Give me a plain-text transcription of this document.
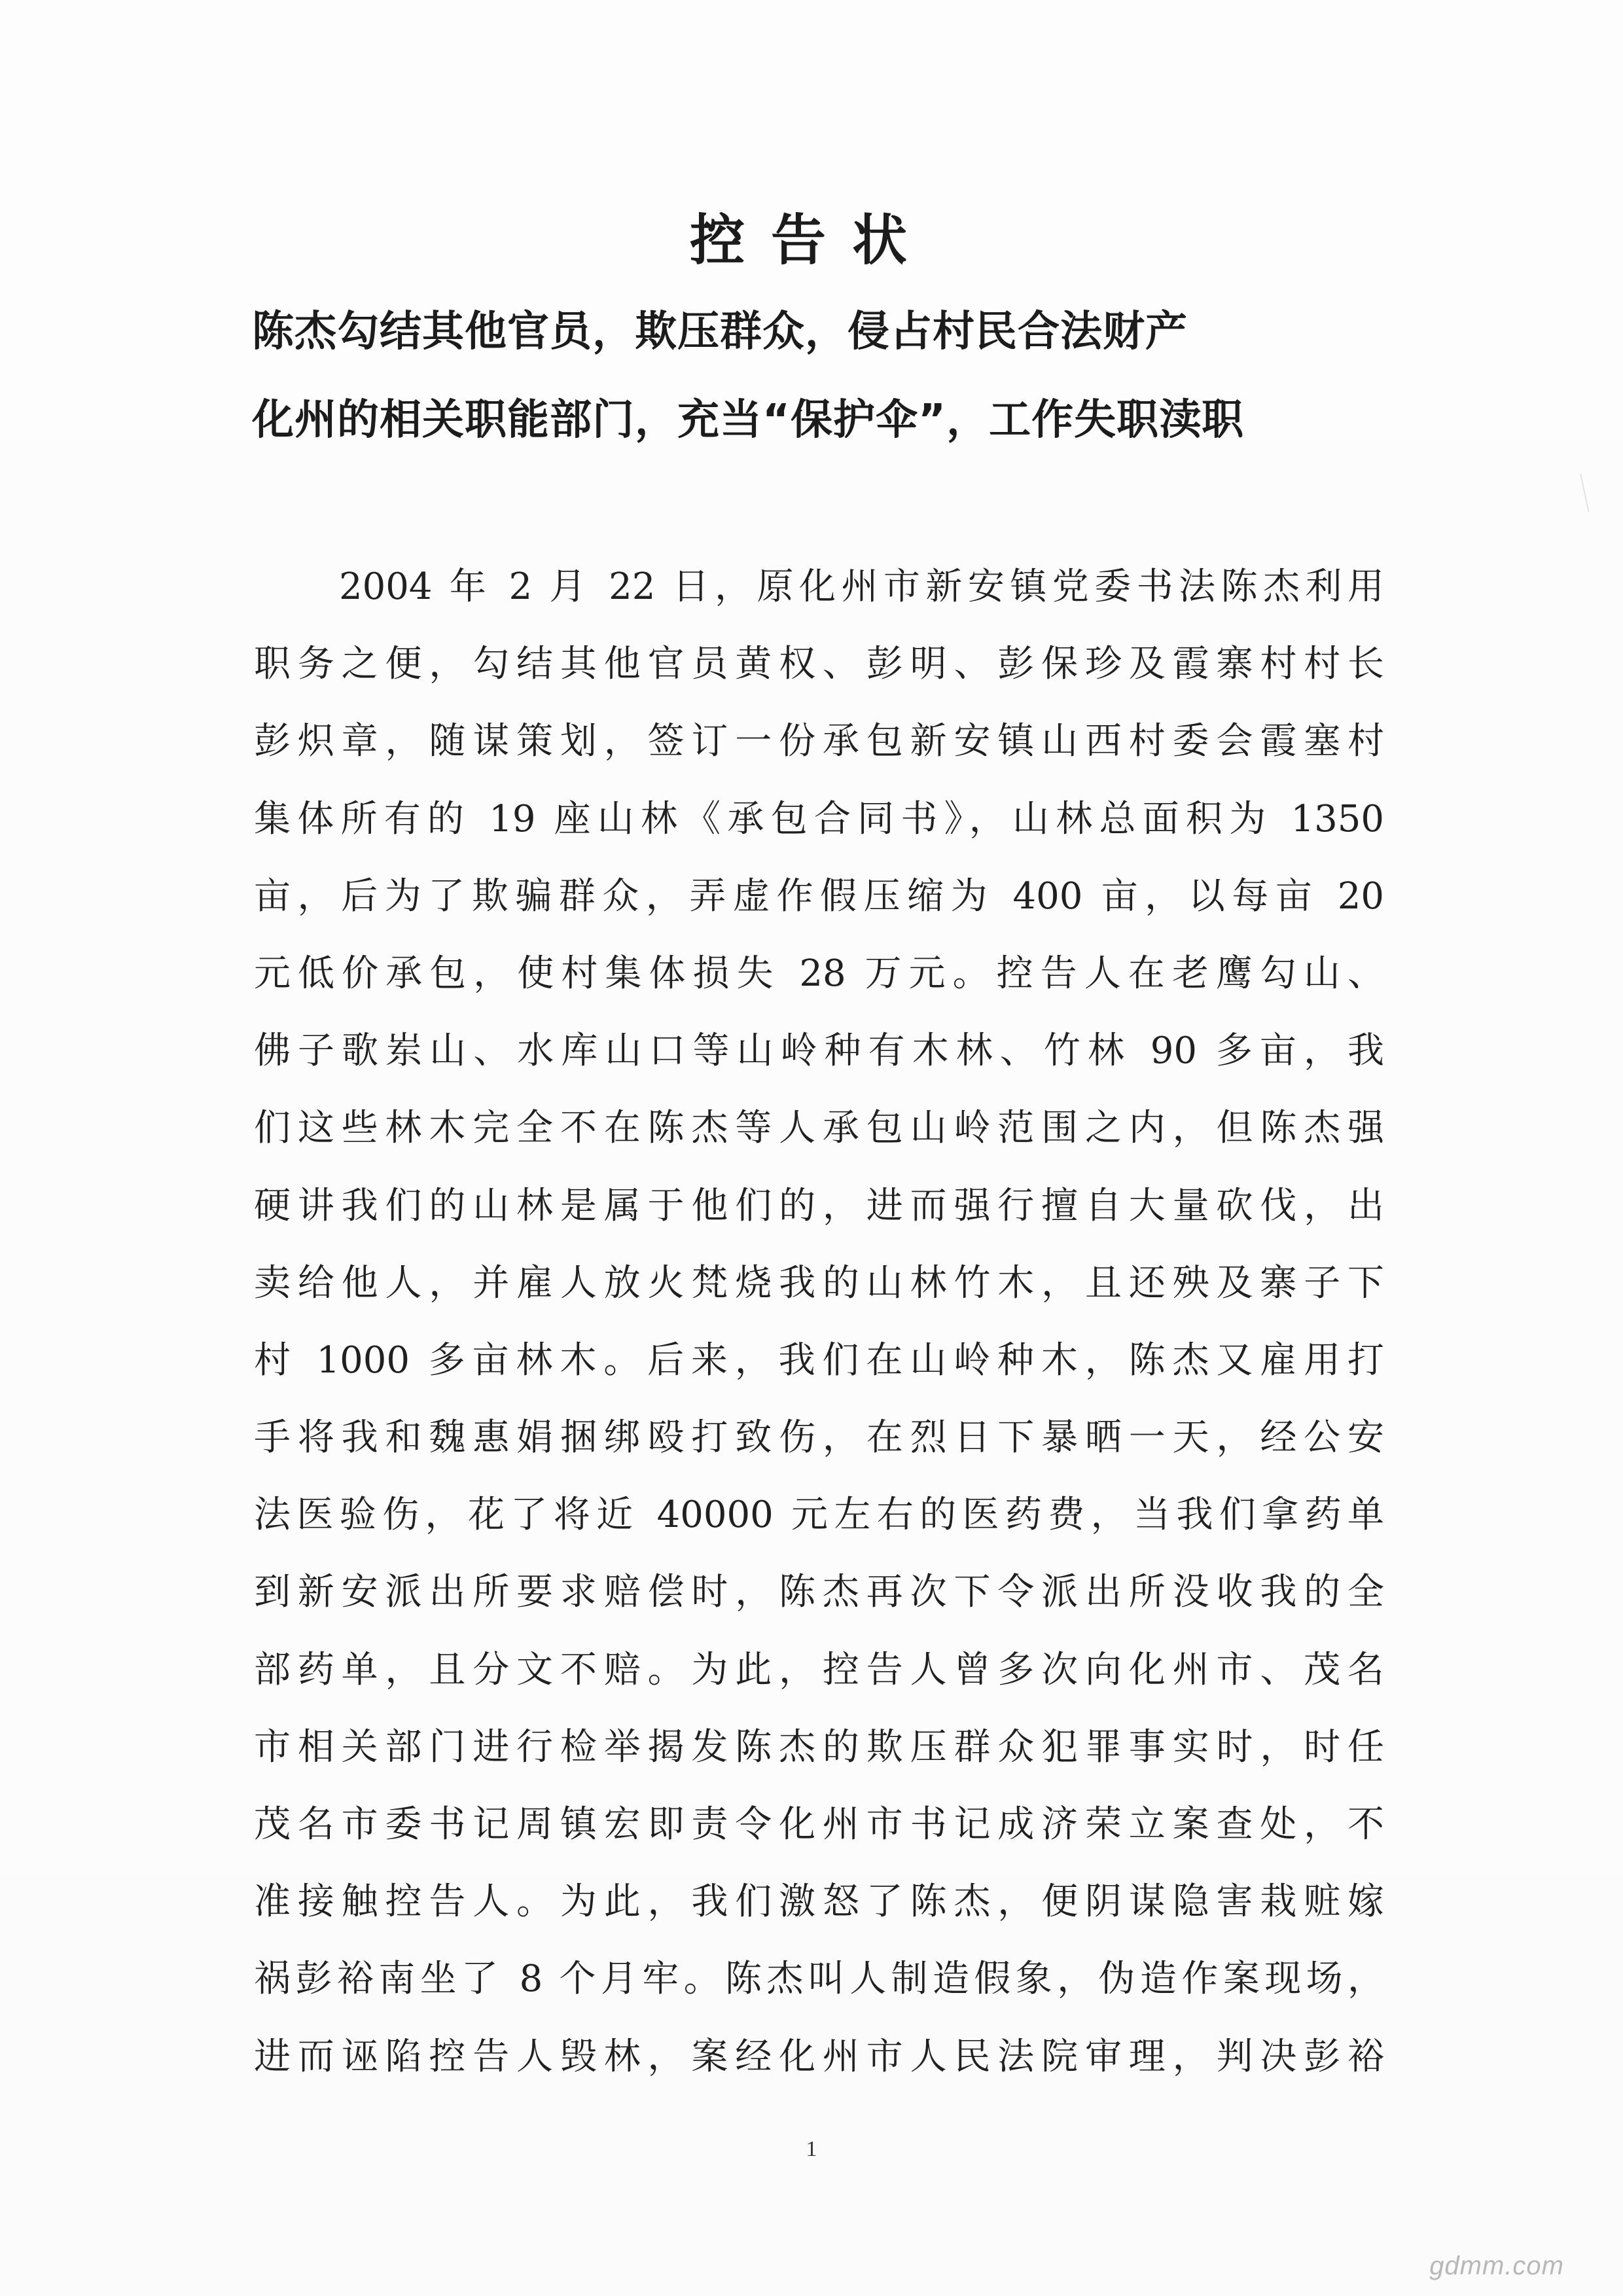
控告状
陈杰勾结其他官员，欺压群众，侵占村民合法财产
化州的相关职能部门，充当“保护伞”，工作失职渎职
2004 年 2 月 22 日，原化州市新安镇党委书法陈杰利用
职务之便，勾结其他官员黄权、彭明、彭保珍及霞寨村村长
彭炽章，随谋策划，签订一份承包新安镇山西村委会霞塞村
集体所有的 19 座山林《承包合同书》，山林总面积为 1350
亩，后为了欺骗群众，弄虚作假压缩为 400 亩，以每亩 20
元低价承包，使村集体损失 28 万元。控告人在老鹰勾山、
佛子歌岽山、水库山口等山岭种有木林、竹林 90 多亩，我
们这些林木完全不在陈杰等人承包山岭范围之内，但陈杰强
硬讲我们的山林是属于他们的，进而强行擅自大量砍伐，出
卖给他人，并雇人放火梵烧我的山林竹木，且还殃及寨子下
村 1000 多亩林木。后来，我们在山岭种木，陈杰又雇用打
手将我和魏惠娟捆绑殴打致伤，在烈日下暴晒一天，经公安
法医验伤，花了将近 40000 元左右的医药费，当我们拿药单
到新安派出所要求赔偿时，陈杰再次下令派出所没收我的全
部药单，且分文不赔。为此，控告人曾多次向化州市、茂名
市相关部门进行检举揭发陈杰的欺压群众犯罪事实时，时任
茂名市委书记周镇宏即责令化州市书记成济荣立案查处，不
准接触控告人。为此，我们激怒了陈杰，便阴谋隐害栽赃嫁
祸彭裕南坐了 8 个月牢。陈杰叫人制造假象，伪造作案现场，
进而诬陷控告人毁林，案经化州市人民法院审理，判决彭裕
1
gdmm.com
